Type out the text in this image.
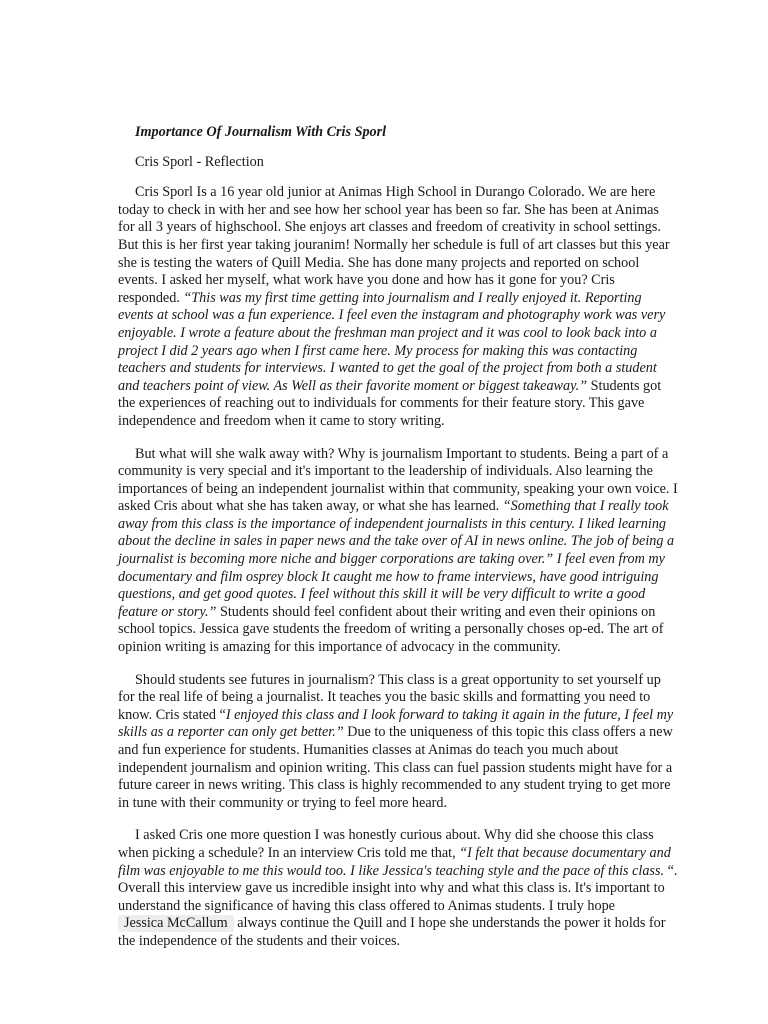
Importance Of Journalism With Cris Sporl
Cris Sporl - Reflection

Cris Sporl Is a 16 year old junior at Animas High School in Durango Colorado. We are here today to check in with her and see how her school year has been so far. She has been at Animas for all 3 years of highschool. She enjoys art classes and freedom of creativity in school settings. But this is her first year taking jouranim! Normally her schedule is full of art classes but this year she is testing the waters of Quill Media. She has done many projects and reported on school events. I asked her myself, what work have you done and how has it gone for you? Cris responded. “This was my first time getting into journalism and I really enjoyed it. Reporting events at school was a fun experience. I feel even the instagram and photography work was very enjoyable. I wrote a feature about the freshman man project and it was cool to look back into a project I did 2 years ago when I first came here. My process for making this was contacting teachers and students for interviews. I wanted to get the goal of the project from both a student and teachers point of view. As Well as their favorite moment or biggest takeaway.” Students got the experiences of reaching out to individuals for comments for their feature story. This gave independence and freedom when it came to story writing.

But what will she walk away with? Why is journalism Important to students. Being a part of a community is very special and it's important to the leadership of individuals. Also learning the importances of being an independent journalist within that community, speaking your own voice. I asked Cris about what she has taken away, or what she has learned. “Something that I really took away from this class is the importance of independent journalists in this century. I liked learning about the decline in sales in paper news and the take over of AI in news online. The job of being a journalist is becoming more niche and bigger corporations are taking over.” I feel even from my documentary and film osprey block It caught me how to frame interviews, have good intriguing questions, and get good quotes. I feel without this skill it will be very difficult to write a good feature or story.” Students should feel confident about their writing and even their opinions on school topics. Jessica gave students the freedom of writing a personally choses op-ed. The art of opinion writing is amazing for this importance of advocacy in the community.

Should students see futures in journalism? This class is a great opportunity to set yourself up for the real life of being a journalist. It teaches you the basic skills and formatting you need to know. Cris stated “I enjoyed this class and I look forward to taking it again in the future, I feel my skills as a reporter can only get better.” Due to the uniqueness of this topic this class offers a new and fun experience for students. Humanities classes at Animas do teach you much about independent journalism and opinion writing. This class can fuel passion students might have for a future career in news writing. This class is highly recommended to any student trying to get more in tune with their community or trying to feel more heard.

I asked Cris one more question I was honestly curious about. Why did she choose this class when picking a schedule? In an interview Cris told me that, “I felt that because documentary and film was enjoyable to me this would too. I like Jessica's teaching style and the pace of this class. “. Overall this interview gave us incredible insight into why and what this class is. It's important to understand the significance of having this class offered to Animas students. I truly hope Jessica McCallum always continue the Quill and I hope she understands the power it holds for the independence of the students and their voices.
